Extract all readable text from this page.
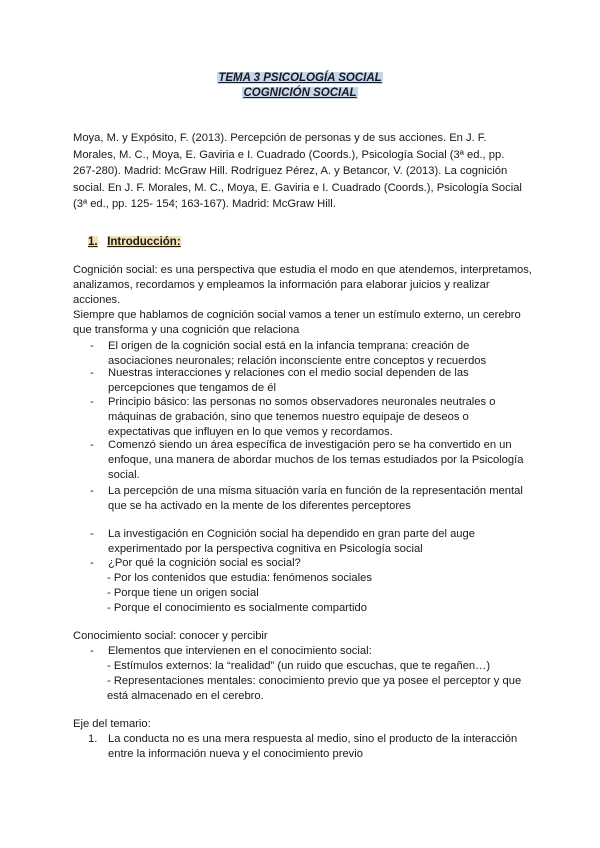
TEMA 3 PSICOLOGÍA SOCIAL
COGNICIÓN SOCIAL
Moya, M. y Expósito, F. (2013). Percepción de personas y de sus acciones. En J. F.
Morales, M. C., Moya, E. Gaviria e I. Cuadrado (Coords.), Psicología Social (3ª ed., pp.
267-280). Madrid: McGraw Hill. Rodríguez Pérez, A. y Betancor, V. (2013). La cognición
social. En J. F. Morales, M. C., Moya, E. Gaviria e I. Cuadrado (Coords.), Psicología Social
(3ª ed., pp. 125- 154; 163-167). Madrid: McGraw Hill.
1. Introducción:
Cognición social: es una perspectiva que estudia el modo en que atendemos, interpretamos,
analizamos, recordamos y empleamos la información para elaborar juicios y realizar
acciones.
Siempre que hablamos de cognición social vamos a tener un estímulo externo, un cerebro
que transforma y una cognición que relaciona
- El origen de la cognición social está en la infancia temprana: creación de
asociaciones neuronales; relación inconsciente entre conceptos y recuerdos
- Nuestras interacciones y relaciones con el medio social dependen de las
percepciones que tengamos de él
- Principio básico: las personas no somos observadores neuronales neutrales o
máquinas de grabación, sino que tenemos nuestro equipaje de deseos o
expectativas que influyen en lo que vemos y recordamos.
- Comenzó siendo un área específica de investigación pero se ha convertido en un
enfoque, una manera de abordar muchos de los temas estudiados por la Psicología
social.
- La percepción de una misma situación varía en función de la representación mental
que se ha activado en la mente de los diferentes perceptores
- La investigación en Cognición social ha dependido en gran parte del auge
experimentado por la perspectiva cognitiva en Psicología social
- ¿Por qué la cognición social es social?
- Por los contenidos que estudia: fenómenos sociales
- Porque tiene un origen social
- Porque el conocimiento es socialmente compartido
Conocimiento social: conocer y percibir
- Elementos que intervienen en el conocimiento social:
- Estímulos externos: la “realidad” (un ruido que escuchas, que te regañen…)
- Representaciones mentales: conocimiento previo que ya posee el perceptor y que
está almacenado en el cerebro.
Eje del temario:
1. La conducta no es una mera respuesta al medio, sino el producto de la interacción
entre la información nueva y el conocimiento previo
